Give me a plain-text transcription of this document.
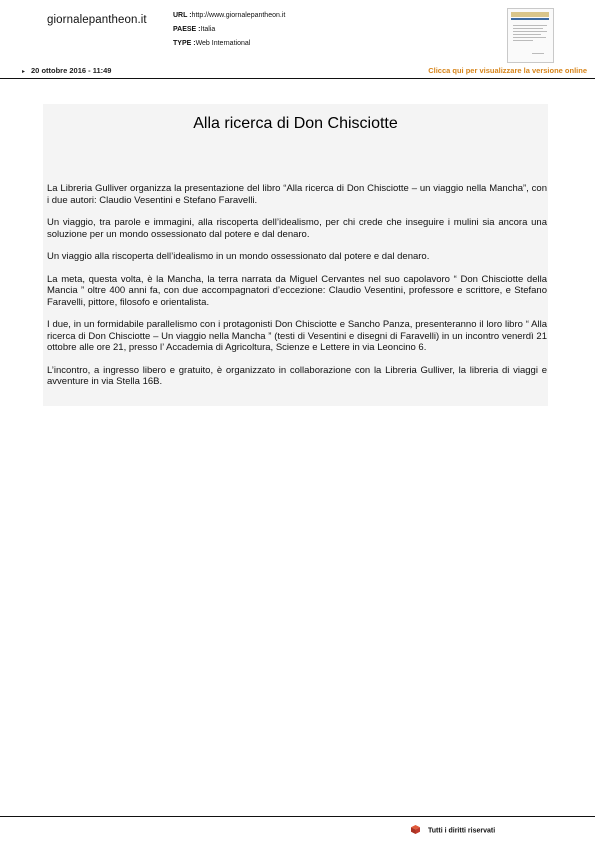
giornalepantheon.it	URL :http://www.giornalepantheon.it
PAESE :Italia
TYPE :Web International
▸ 20 ottobre 2016 - 11:49	Clicca qui per visualizzare la versione online
Alla ricerca di Don Chisciotte

La Libreria Gulliver organizza la presentazione del libro “Alla ricerca di Don Chisciotte – un viaggio nella Mancha”, con i due autori: Claudio Vesentini e Stefano Faravelli.

Un viaggio, tra parole e immagini, alla riscoperta dell’idealismo, per chi crede che inseguire i mulini sia ancora una soluzione per un mondo ossessionato dal potere e dal denaro.

Un viaggio alla riscoperta dell’idealismo in un mondo ossessionato dal potere e dal denaro.

La meta, questa volta, è la Mancha, la terra narrata da Miguel Cervantes nel suo capolavoro “ Don Chisciotte della Mancia ” oltre 400 anni fa, con due accompagnatori d’eccezione: Claudio Vesentini, professore e scrittore, e Stefano Faravelli, pittore, filosofo e orientalista.

I due, in un formidabile parallelismo con i protagonisti Don Chisciotte e Sancho Panza, presenteranno il loro libro “ Alla ricerca di Don Chisciotte – Un viaggio nella Mancha ” (testi di Vesentini e disegni di Faravelli) in un incontro venerdì 21 ottobre alle ore 21, presso l’ Accademia di Agricoltura, Scienze e Lettere in via Leoncino 6.

L’incontro, a ingresso libero e gratuito, è organizzato in collaborazione con la Libreria Gulliver, la libreria di viaggi e avventure in via Stella 16B.

Tutti i diritti riservati
